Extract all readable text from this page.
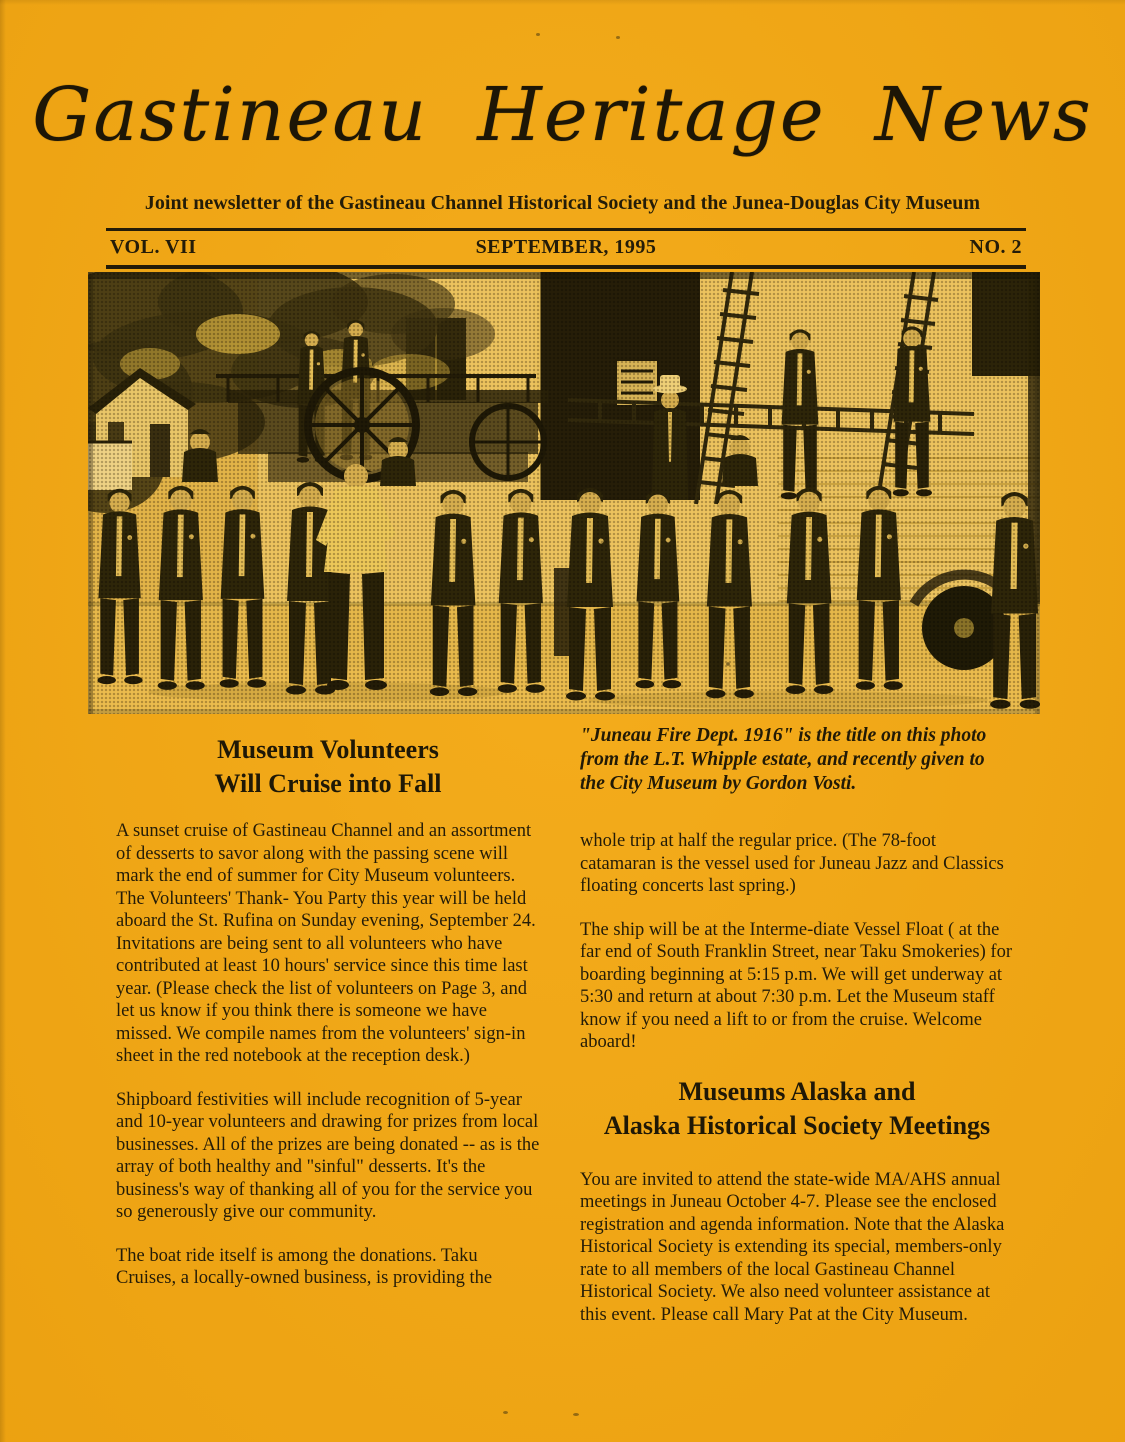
Gastineau Heritage News
Joint newsletter of the Gastineau Channel Historical Society and the Junea-Douglas City Museum
VOL. VII	SEPTEMBER, 1995	NO. 2
"Juneau Fire Dept. 1916" is the title on this photo from the L.T. Whipple estate, and recently given to the City Museum by Gordon Vosti.
Museum Volunteers
Will Cruise into Fall

A sunset cruise of Gastineau Channel and an assortment of desserts to savor along with the passing scene will mark the end of summer for City Museum volunteers. The Volunteers' Thank- You Party this year will be held aboard the St. Rufina on Sunday evening, September 24. Invitations are being sent to all volunteers who have contributed at least 10 hours' service since this time last year. (Please check the list of volunteers on Page 3, and let us know if you think there is someone we have missed. We compile names from the volunteers' sign-in sheet in the red notebook at the reception desk.)

Shipboard festivities will include recognition of 5-year and 10-year volunteers and drawing for prizes from local businesses. All of the prizes are being donated -- as is the array of both healthy and "sinful" desserts. It's the business's way of thanking all of you for the service you so generously give our community.

The boat ride itself is among the donations. Taku Cruises, a locally-owned business, is providing the

whole trip at half the regular price. (The 78-foot catamaran is the vessel used for Juneau Jazz and Classics floating concerts last spring.)

The ship will be at the Interme-diate Vessel Float ( at the far end of South Franklin Street, near Taku Smokeries) for boarding beginning at 5:15 p.m. We will get underway at 5:30 and return at about 7:30 p.m. Let the Museum staff know if you need a lift to or from the cruise. Welcome aboard!

Museums Alaska and
Alaska Historical Society Meetings

You are invited to attend the state-wide MA/AHS annual meetings in Juneau October 4-7. Please see the enclosed registration and agenda information. Note that the Alaska Historical Society is extending its special, members-only rate to all members of the local Gastineau Channel Historical Society. We also need volunteer assistance at this event. Please call Mary Pat at the City Museum.
